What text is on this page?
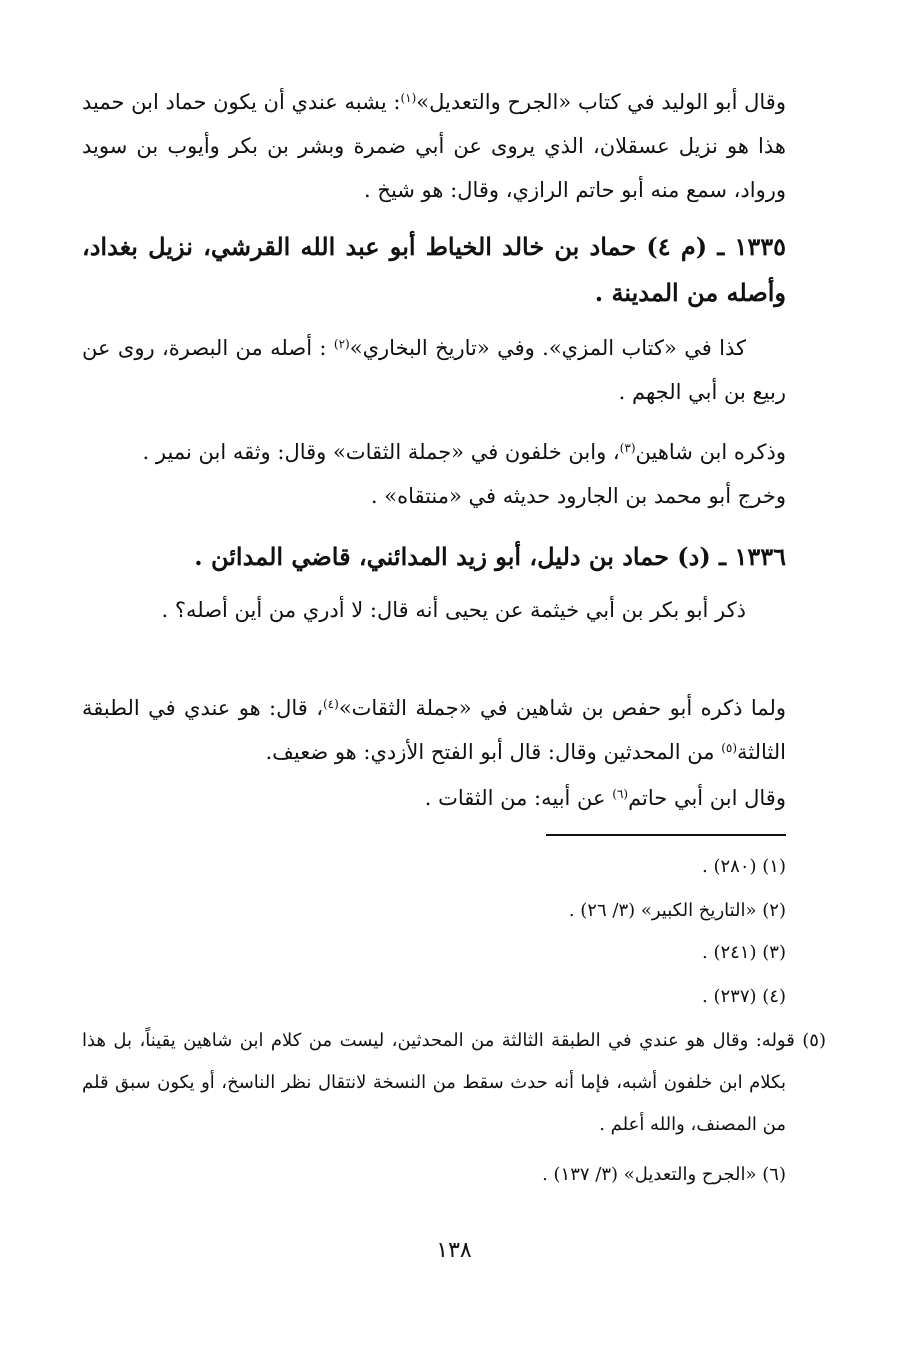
وقال أبو الوليد في كتاب «الجرح والتعديل»$^{(١)}$: يشبه عندي أن يكون حماد ابن حميد هذا هو نزيل عسقلان، الذي يروى عن أبي ضمرة وبشر بن بكر وأيوب بن سويد ورواد، سمع منه أبو حاتم الرازي، وقال: هو شيخ .
١٣٣٥ ـ (م ٤) حماد بن خالد الخياط أبو عبد الله القرشي، نزيل بغداد، وأصله من المدينة .
كذا في «كتاب المزي». وفي «تاريخ البخاري»$^{(٢)}$ : أصله من البصرة، روى عن ربيع بن أبي الجهم .
وذكره ابن شاهين$^{(٣)}$، وابن خلفون في «جملة الثقات» وقال: وثقه ابن نمير .
وخرج أبو محمد بن الجارود حديثه في «منتقاه» .
١٣٣٦ ـ (د) حماد بن دليل، أبو زيد المدائني، قاضي المدائن .
ذكر أبو بكر بن أبي خيثمة عن يحيى أنه قال: لا أدري من أين أصله؟ .
ولما ذكره أبو حفص بن شاهين في «جملة الثقات»$^{(٤)}$، قال: هو عندي في الطبقة الثالثة$^{(٥)}$ من المحدثين وقال: قال أبو الفتح الأزدي: هو ضعيف.
وقال ابن أبي حاتم$^{(٦)}$ عن أبيه: من الثقات .
(١) (٢٨٠) .
(٢) «التاريخ الكبير» (٣/ ٢٦) .
(٣) (٢٤١) .
(٤) (٢٣٧) .
(٥) قوله: وقال هو عندي في الطبقة الثالثة من المحدثين، ليست من كلام ابن شاهين يقيناً، بل هذا بكلام ابن خلفون أشبه، فإما أنه حدث سقط من النسخة لانتقال نظر الناسخ، أو يكون سبق قلم من المصنف، والله أعلم .
(٦) «الجرح والتعديل» (٣/ ١٣٧) .
١٣٨
